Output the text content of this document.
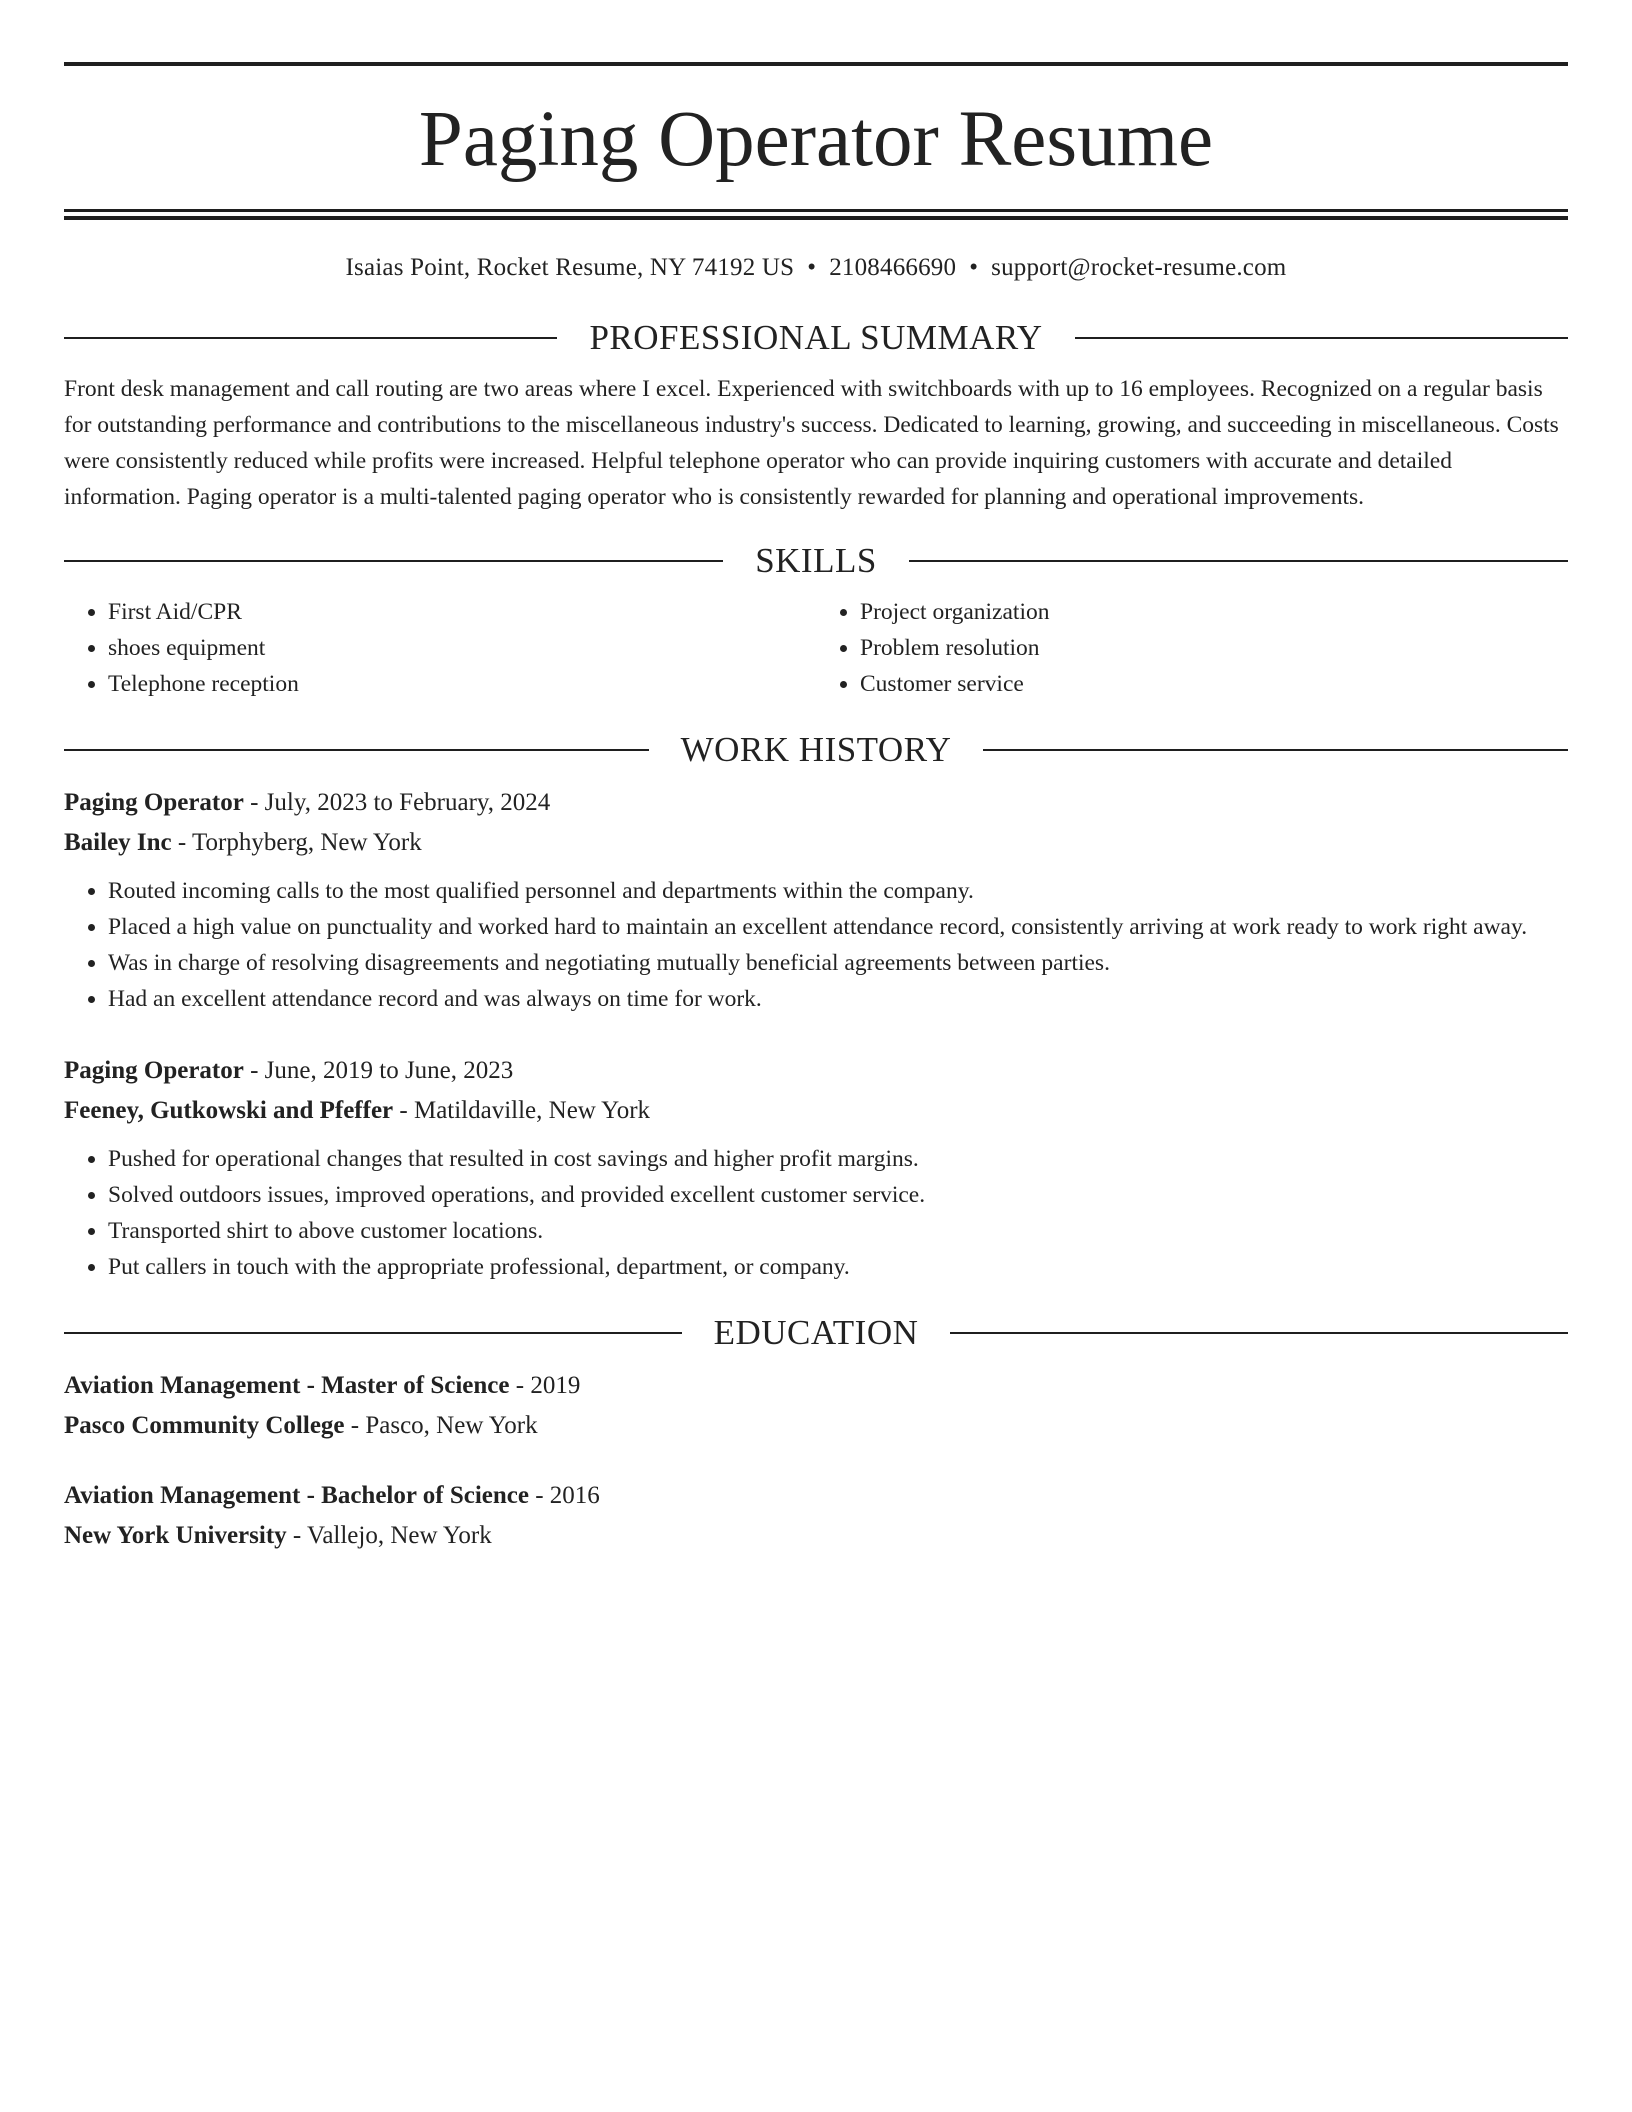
Paging Operator Resume
Isaias Point, Rocket Resume, NY 74192 US • 2108466690 • support@rocket-resume.com
PROFESSIONAL SUMMARY

Front desk management and call routing are two areas where I excel. Experienced with switchboards with up to 16 employees. Recognized on a regular basis for outstanding performance and contributions to the miscellaneous industry's success. Dedicated to learning, growing, and succeeding in miscellaneous. Costs were consistently reduced while profits were increased. Helpful telephone operator who can provide inquiring customers with accurate and detailed information. Paging operator is a multi-talented paging operator who is consistently rewarded for planning and operational improvements.

SKILLS
• First Aid/CPR
• shoes equipment
• Telephone reception
• Project organization
• Problem resolution
• Customer service
WORK HISTORY
Paging Operator - July, 2023 to February, 2024
Bailey Inc - Torphyberg, New York
• Routed incoming calls to the most qualified personnel and departments within the company.
• Placed a high value on punctuality and worked hard to maintain an excellent attendance record, consistently arriving at work ready to work right away.
• Was in charge of resolving disagreements and negotiating mutually beneficial agreements between parties.
• Had an excellent attendance record and was always on time for work.
Paging Operator - June, 2019 to June, 2023
Feeney, Gutkowski and Pfeffer - Matildaville, New York
• Pushed for operational changes that resulted in cost savings and higher profit margins.
• Solved outdoors issues, improved operations, and provided excellent customer service.
• Transported shirt to above customer locations.
• Put callers in touch with the appropriate professional, department, or company.
EDUCATION
Aviation Management - Master of Science - 2019
Pasco Community College - Pasco, New York
Aviation Management - Bachelor of Science - 2016
New York University - Vallejo, New York
